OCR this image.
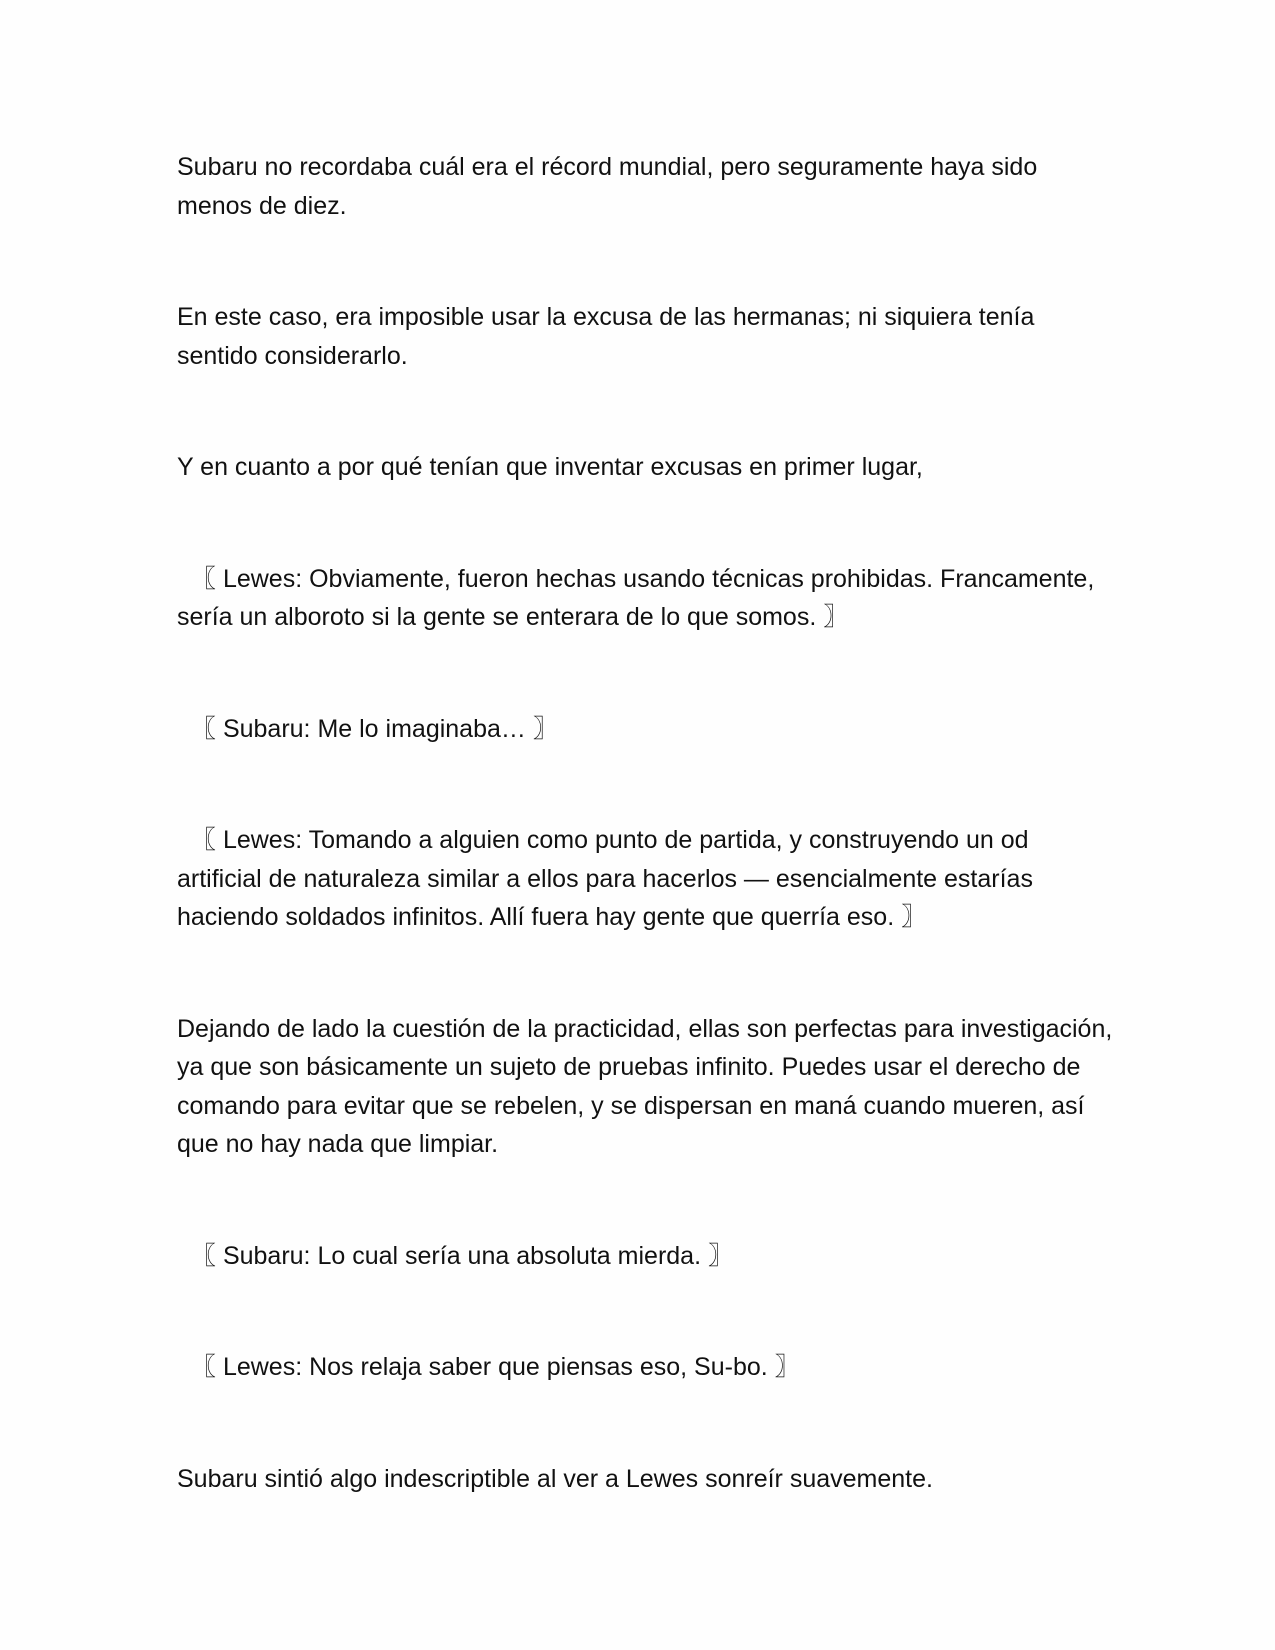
Subaru no recordaba cuál era el récord mundial, pero seguramente haya sido menos de diez.

En este caso, era imposible usar la excusa de las hermanas; ni siquiera tenía sentido considerarlo.

Y en cuanto a por qué tenían que inventar excusas en primer lugar,

〖 Lewes: Obviamente, fueron hechas usando técnicas prohibidas. Francamente, sería un alboroto si la gente se enterara de lo que somos. 〗

〖 Subaru: Me lo imaginaba… 〗

〖 Lewes: Tomando a alguien como punto de partida, y construyendo un od artificial de naturaleza similar a ellos para hacerlos — esencialmente estarías haciendo soldados infinitos. Allí fuera hay gente que querría eso. 〗

Dejando de lado la cuestión de la practicidad, ellas son perfectas para investigación, ya que son básicamente un sujeto de pruebas infinito. Puedes usar el derecho de comando para evitar que se rebelen, y se dispersan en maná cuando mueren, así que no hay nada que limpiar.

〖 Subaru: Lo cual sería una absoluta mierda. 〗

〖 Lewes: Nos relaja saber que piensas eso, Su-bo. 〗

Subaru sintió algo indescriptible al ver a Lewes sonreír suavemente.
